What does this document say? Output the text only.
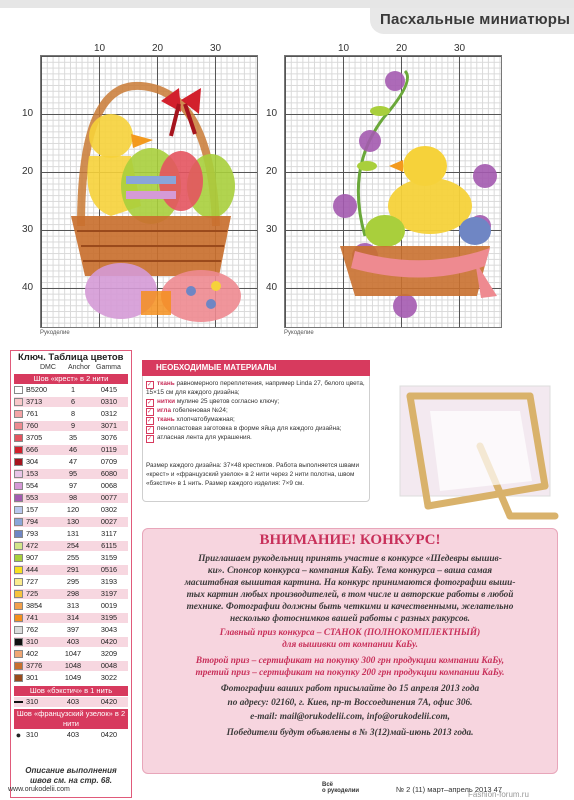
Пасхальные миниатюры
10	20	30
10
20
30
40
Рукоделие
10	20	30
10
20
30
40
Рукоделие
Ключ. Таблица цветов
DMC Anchor Gamma
Шов «крест» в 2 нити
B5200	1	0415
3713	6	0310
761	8	0312
760	9	3071
3705	35	3076
666	46	0119
304	47	0709
153	95	6080
554	97	0068
553	98	0077
157	120	0302
794	130	0027
793	131	3117
472	254	6115
907	255	3159
444	291	0516
727	295	3193
725	298	3197
3854	313	0019
741	314	3195
762	397	3043
310	403	0420
402	1047	3209
3776	1048	0048
301	1049	3022
Шов «бэкстич» в 1 нить
310	403	0420
Шов «французский узелок» в 2 нити
● 310	403	0420
Описание выполнения швов см. на стр. 68.
НЕОБХОДИМЫЕ МАТЕРИАЛЫ
✓ ткань равномерного переплетения, например Linda 27, белого цвета, 15×15 см для каждого дизайна;
✓ нитки мулине 25 цветов согласно ключу;
✓ игла гобеленовая №24;
✓ ткань хлопчатобумажная;
✓ пенопластовая заготовка в форме яйца для каждого дизайна;
✓ атласная лента для украшения.
Размер каждого дизайна: 37×48 крестиков. Работа выполняется швами «крест» и «французский узелок» в 2 нити через 2 нити полотна, швом «бэкстич» в 1 нить. Размер каждого изделия: 7×9 см.
ВНИМАНИЕ! КОНКУРС!
Приглашаем рукодельниц принять участие в конкурсе «Шедевры вышив-
ки». Спонсор конкурса – компания КаБу. Тема конкурса – ваша самая
масштабная вышитая картина. На конкурс принимаются фотографии выши-
тых картин любых производителей, в том числе и авторские работы в любой
технике. Фотографии должны быть четкими и качественными, желательно
несколько фотоснимков вашей работы с разных ракурсов.
Главный приз конкурса – СТАНОК (ПОЛНОКОМПЛЕКТНЫЙ)
для вышивки от компании КаБу.
Второй приз – сертификат на покупку 300 грн продукции компании КаБу,
третий приз – сертификат на покупку 200 грн продукции компании КаБу.
Фотографии ваших работ присылайте до 15 апреля 2013 года
по адресу: 02160, г. Киев, пр-т Воссоединения 7А, офис 306.
e-mail: mail@orukodelii.com, info@orukodelii.com,
Победители будут объявлены в № 3(12)май-июнь 2013 года.
www.orukodelii.com
Всё
о рукоделии	№ 2 (11) март–апрель 2013 47
Fashion-forum.ru
